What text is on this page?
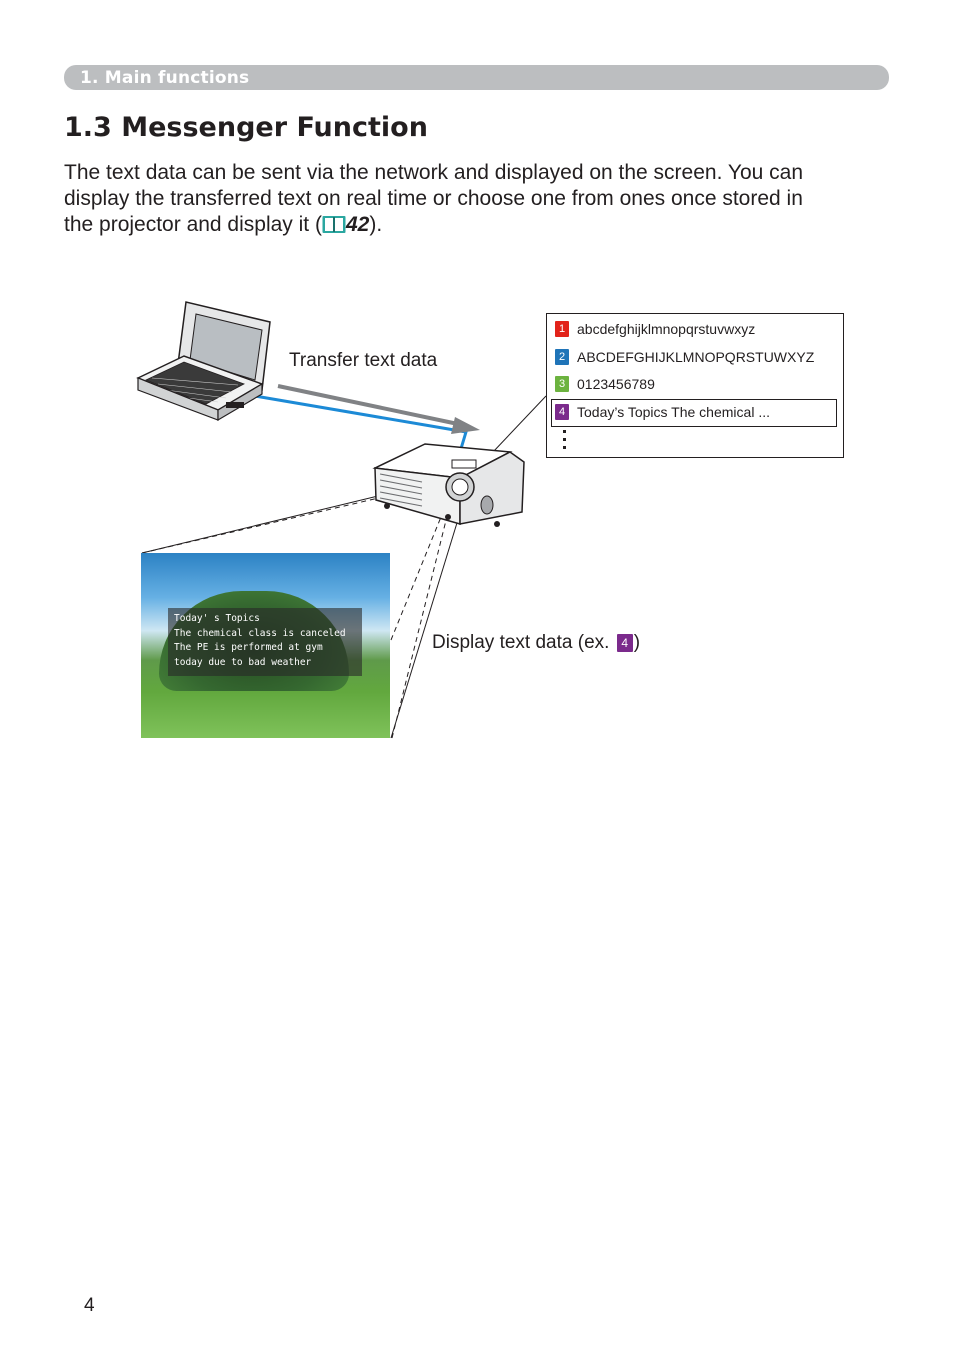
1. Main functions
1.3 Messenger Function

The text data can be sent via the network and displayed on the screen. You can
display the transferred text on real time or choose one from ones once stored in
the projector and display it ( 42).

Transfer text data
1 abcdefghijklmnopqrstuvwxyz
2 ABCDEFGHIJKLMNOPQRSTUWXYZ
3 0123456789
4 Today’s Topics The chemical ...
Today' s Topics
The chemical class is canceled
The PE is performed at gym
today due to bad weather
Display text data (ex. 4 )
4
